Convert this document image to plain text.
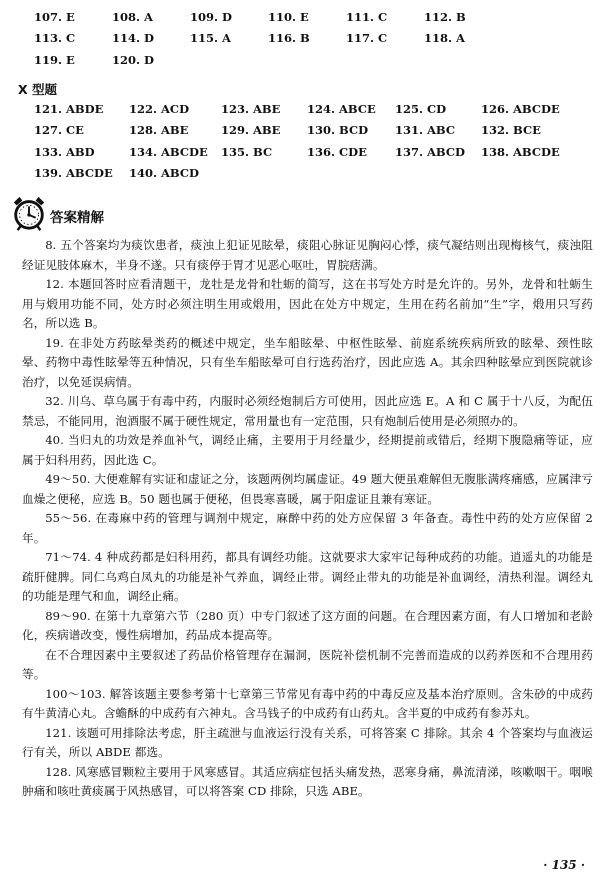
107. E	108. A	109. D	110. E	111. C	112. B
113. C	114. D	115. A	116. B	117. C	118. A
119. E	120. D
X 型题
121. ABDE	122. ACD	123. ABE	124. ABCE	125. CD	126. ABCDE
127. CE	128. ABE	129. ABE	130. BCD	131. ABC	132. BCE
133. ABD	134. ABCDE	135. BC	136. CDE	137. ABCD	138. ABCDE
139. ABCDE	140. ABCD
答案精解

8. 五个答案均为痰饮患者，痰浊上犯证见眩晕，痰阻心脉证见胸闷心悸，痰气凝结则出现梅核气，痰浊阻经证见肢体麻木，半身不遂。只有痰停于胃才见恶心呕吐，胃脘痞满。

12. 本题回答时应看清题干，龙牡是龙骨和牡蛎的简写，这在书写处方时是允许的。另外，龙骨和牡蛎生用与煅用功能不同，处方时必须注明生用或煅用，因此在处方中规定，生用在药名前加“生”字，煅用只写药名，所以选 B。

19. 在非处方药眩晕类药的概述中规定，坐车船眩晕、中枢性眩晕、前庭系统疾病所致的眩晕、颈性眩晕、药物中毒性眩晕等五种情况，只有坐车船眩晕可自行选药治疗，因此应选 A。其余四种眩晕应到医院就诊治疗，以免延误病情。

32. 川乌、草乌属于有毒中药，内服时必须经炮制后方可使用，因此应选 E。A 和 C 属于十八反，为配伍禁忌，不能同用，泡酒服不属于硬性规定，常用量也有一定范围，只有炮制后使用是必须照办的。

40. 当归丸的功效是养血补气，调经止痛，主要用于月经量少，经期提前或错后，经期下腹隐痛等证，应属于妇科用药，因此选 C。

49～50. 大便难解有实证和虚证之分，该题两例均属虚证。49 题大便虽难解但无腹胀满疼痛感，应属津亏血燥之便秘，应选 B。50 题也属于便秘，但畏寒喜暖，属于阳虚证且兼有寒证。

55～56. 在毒麻中药的管理与调剂中规定，麻醉中药的处方应保留 3 年备查。毒性中药的处方应保留 2 年。

71～74. 4 种成药都是妇科用药，都具有调经功能。这就要求大家牢记每种成药的功能。逍遥丸的功能是疏肝健脾。同仁乌鸡白凤丸的功能是补气养血，调经止带。调经止带丸的功能是补血调经，清热利湿。调经丸的功能是理气和血，调经止痛。

89～90. 在第十九章第六节（280 页）中专门叙述了这方面的问题。在合理因素方面，有人口增加和老龄化，疾病谱改变，慢性病增加，药品成本提高等。

在不合理因素中主要叙述了药品价格管理存在漏洞，医院补偿机制不完善而造成的以药养医和不合理用药等。

100～103. 解答该题主要参考第十七章第三节常见有毒中药的中毒反应及基本治疗原则。含朱砂的中成药有牛黄清心丸。含蟾酥的中成药有六神丸。含马钱子的中成药有山药丸。含半夏的中成药有参苏丸。

121. 该题可用排除法考虑，肝主疏泄与血液运行没有关系，可将答案 C 排除。其余 4 个答案均与血液运行有关，所以 ABDE 都选。

128. 风寒感冒颗粒主要用于风寒感冒。其适应病症包括头痛发热，恶寒身痛，鼻流清涕，咳嗽咽干。咽喉肿痛和咳吐黄痰属于风热感冒，可以将答案 CD 排除，只选 ABE。

· 135 ·
